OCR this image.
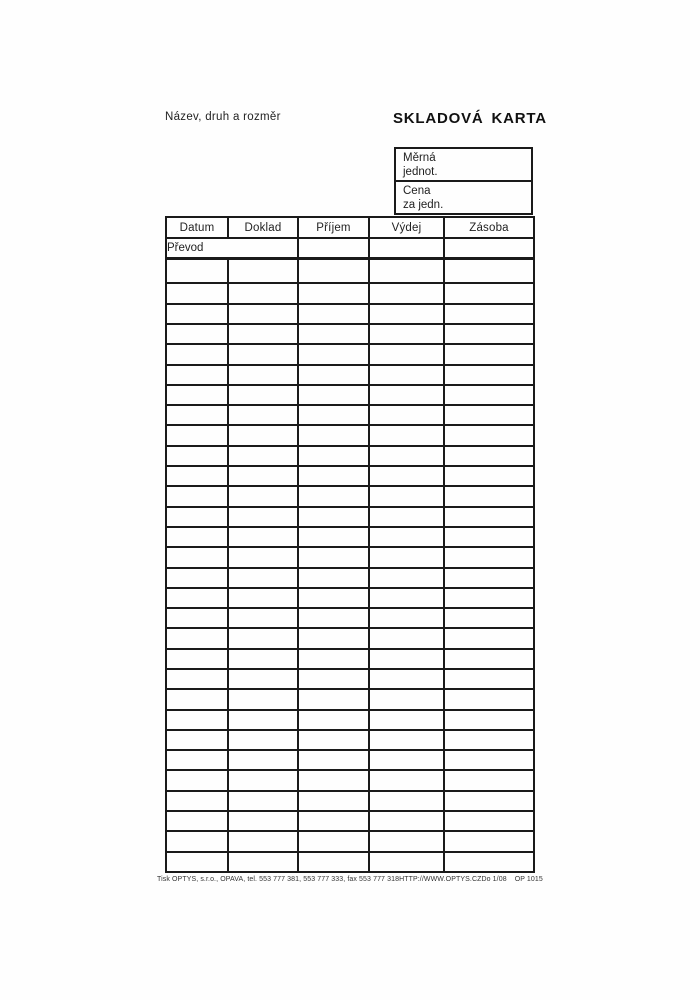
Název, druh a rozměr	SKLADOVÁ KARTA
Měrná
jednot.
Cena
za jedn.
Datum	Doklad	Příjem	Výdej	Zásoba
Převod				

Tisk OPTYS, s.r.o., OPAVA, tel. 553 777 381, 553 777 333, fax 553 777 318 HTTP://WWW.OPTYS.CZ Do 1/08 OP 1015
